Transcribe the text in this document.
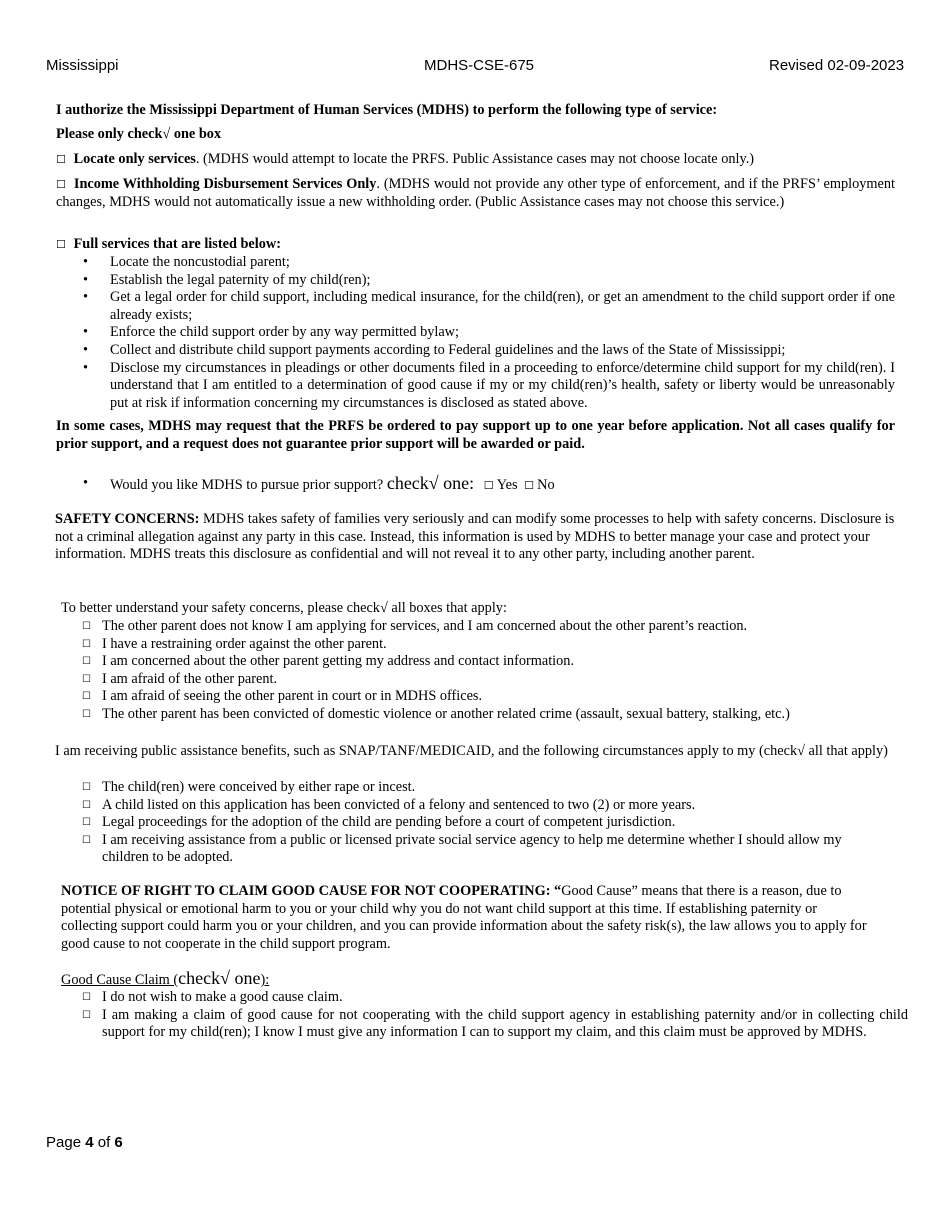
Mississippi	MDHS-CSE-675	Revised 02-09-2023
I authorize the Mississippi Department of Human Services (MDHS) to perform the following type of service:
Please only check√ one box
☐ Locate only services. (MDHS would attempt to locate the PRFS. Public Assistance cases may not choose locate only.)
☐ Income Withholding Disbursement Services Only. (MDHS would not provide any other type of enforcement, and if the PRFS’ employment changes, MDHS would not automatically issue a new withholding order. (Public Assistance cases may not choose this service.)
☐ Full services that are listed below:
• Locate the noncustodial parent;
• Establish the legal paternity of my child(ren);
• Get a legal order for child support, including medical insurance, for the child(ren), or get an amendment to the child support order if one already exists;
• Enforce the child support order by any way permitted bylaw;
• Collect and distribute child support payments according to Federal guidelines and the laws of the State of Mississippi;
• Disclose my circumstances in pleadings or other documents filed in a proceeding to enforce/determine child support for my child(ren). I understand that I am entitled to a determination of good cause if my or my child(ren)’s health, safety or liberty would be unreasonably put at risk if information concerning my circumstances is disclosed as stated above.
In some cases, MDHS may request that the PRFS be ordered to pay support up to one year before application. Not all cases qualify for prior support, and a request does not guarantee prior support will be awarded or paid.
• Would you like MDHS to pursue prior support? check√ one: ☐ Yes ☐ No
SAFETY CONCERNS: MDHS takes safety of families very seriously and can modify some processes to help with safety concerns. Disclosure is not a criminal allegation against any party in this case. Instead, this information is used by MDHS to better manage your case and protect your information. MDHS treats this disclosure as confidential and will not reveal it to any other party, including another parent.
To better understand your safety concerns, please check√ all boxes that apply:
☐ The other parent does not know I am applying for services, and I am concerned about the other parent’s reaction.
☐ I have a restraining order against the other parent.
☐ I am concerned about the other parent getting my address and contact information.
☐ I am afraid of the other parent.
☐ I am afraid of seeing the other parent in court or in MDHS offices.
☐ The other parent has been convicted of domestic violence or another related crime (assault, sexual battery, stalking, etc.)
I am receiving public assistance benefits, such as SNAP/TANF/MEDICAID, and the following circumstances apply to my (check√ all that apply)
☐ The child(ren) were conceived by either rape or incest.
☐ A child listed on this application has been convicted of a felony and sentenced to two (2) or more years.
☐ Legal proceedings for the adoption of the child are pending before a court of competent jurisdiction.
☐ I am receiving assistance from a public or licensed private social service agency to help me determine whether I should allow my children to be adopted.
NOTICE OF RIGHT TO CLAIM GOOD CAUSE FOR NOT COOPERATING: “Good Cause” means that there is a reason, due to potential physical or emotional harm to you or your child why you do not want child support at this time. If establishing paternity or collecting support could harm you or your children, and you can provide information about the safety risk(s), the law allows you to apply for good cause to not cooperate in the child support program.
Good Cause Claim (check√ one):
☐ I do not wish to make a good cause claim.
☐ I am making a claim of good cause for not cooperating with the child support agency in establishing paternity and/or in collecting child support for my child(ren); I know I must give any information I can to support my claim, and this claim must be approved by MDHS.
Page 4 of 6
